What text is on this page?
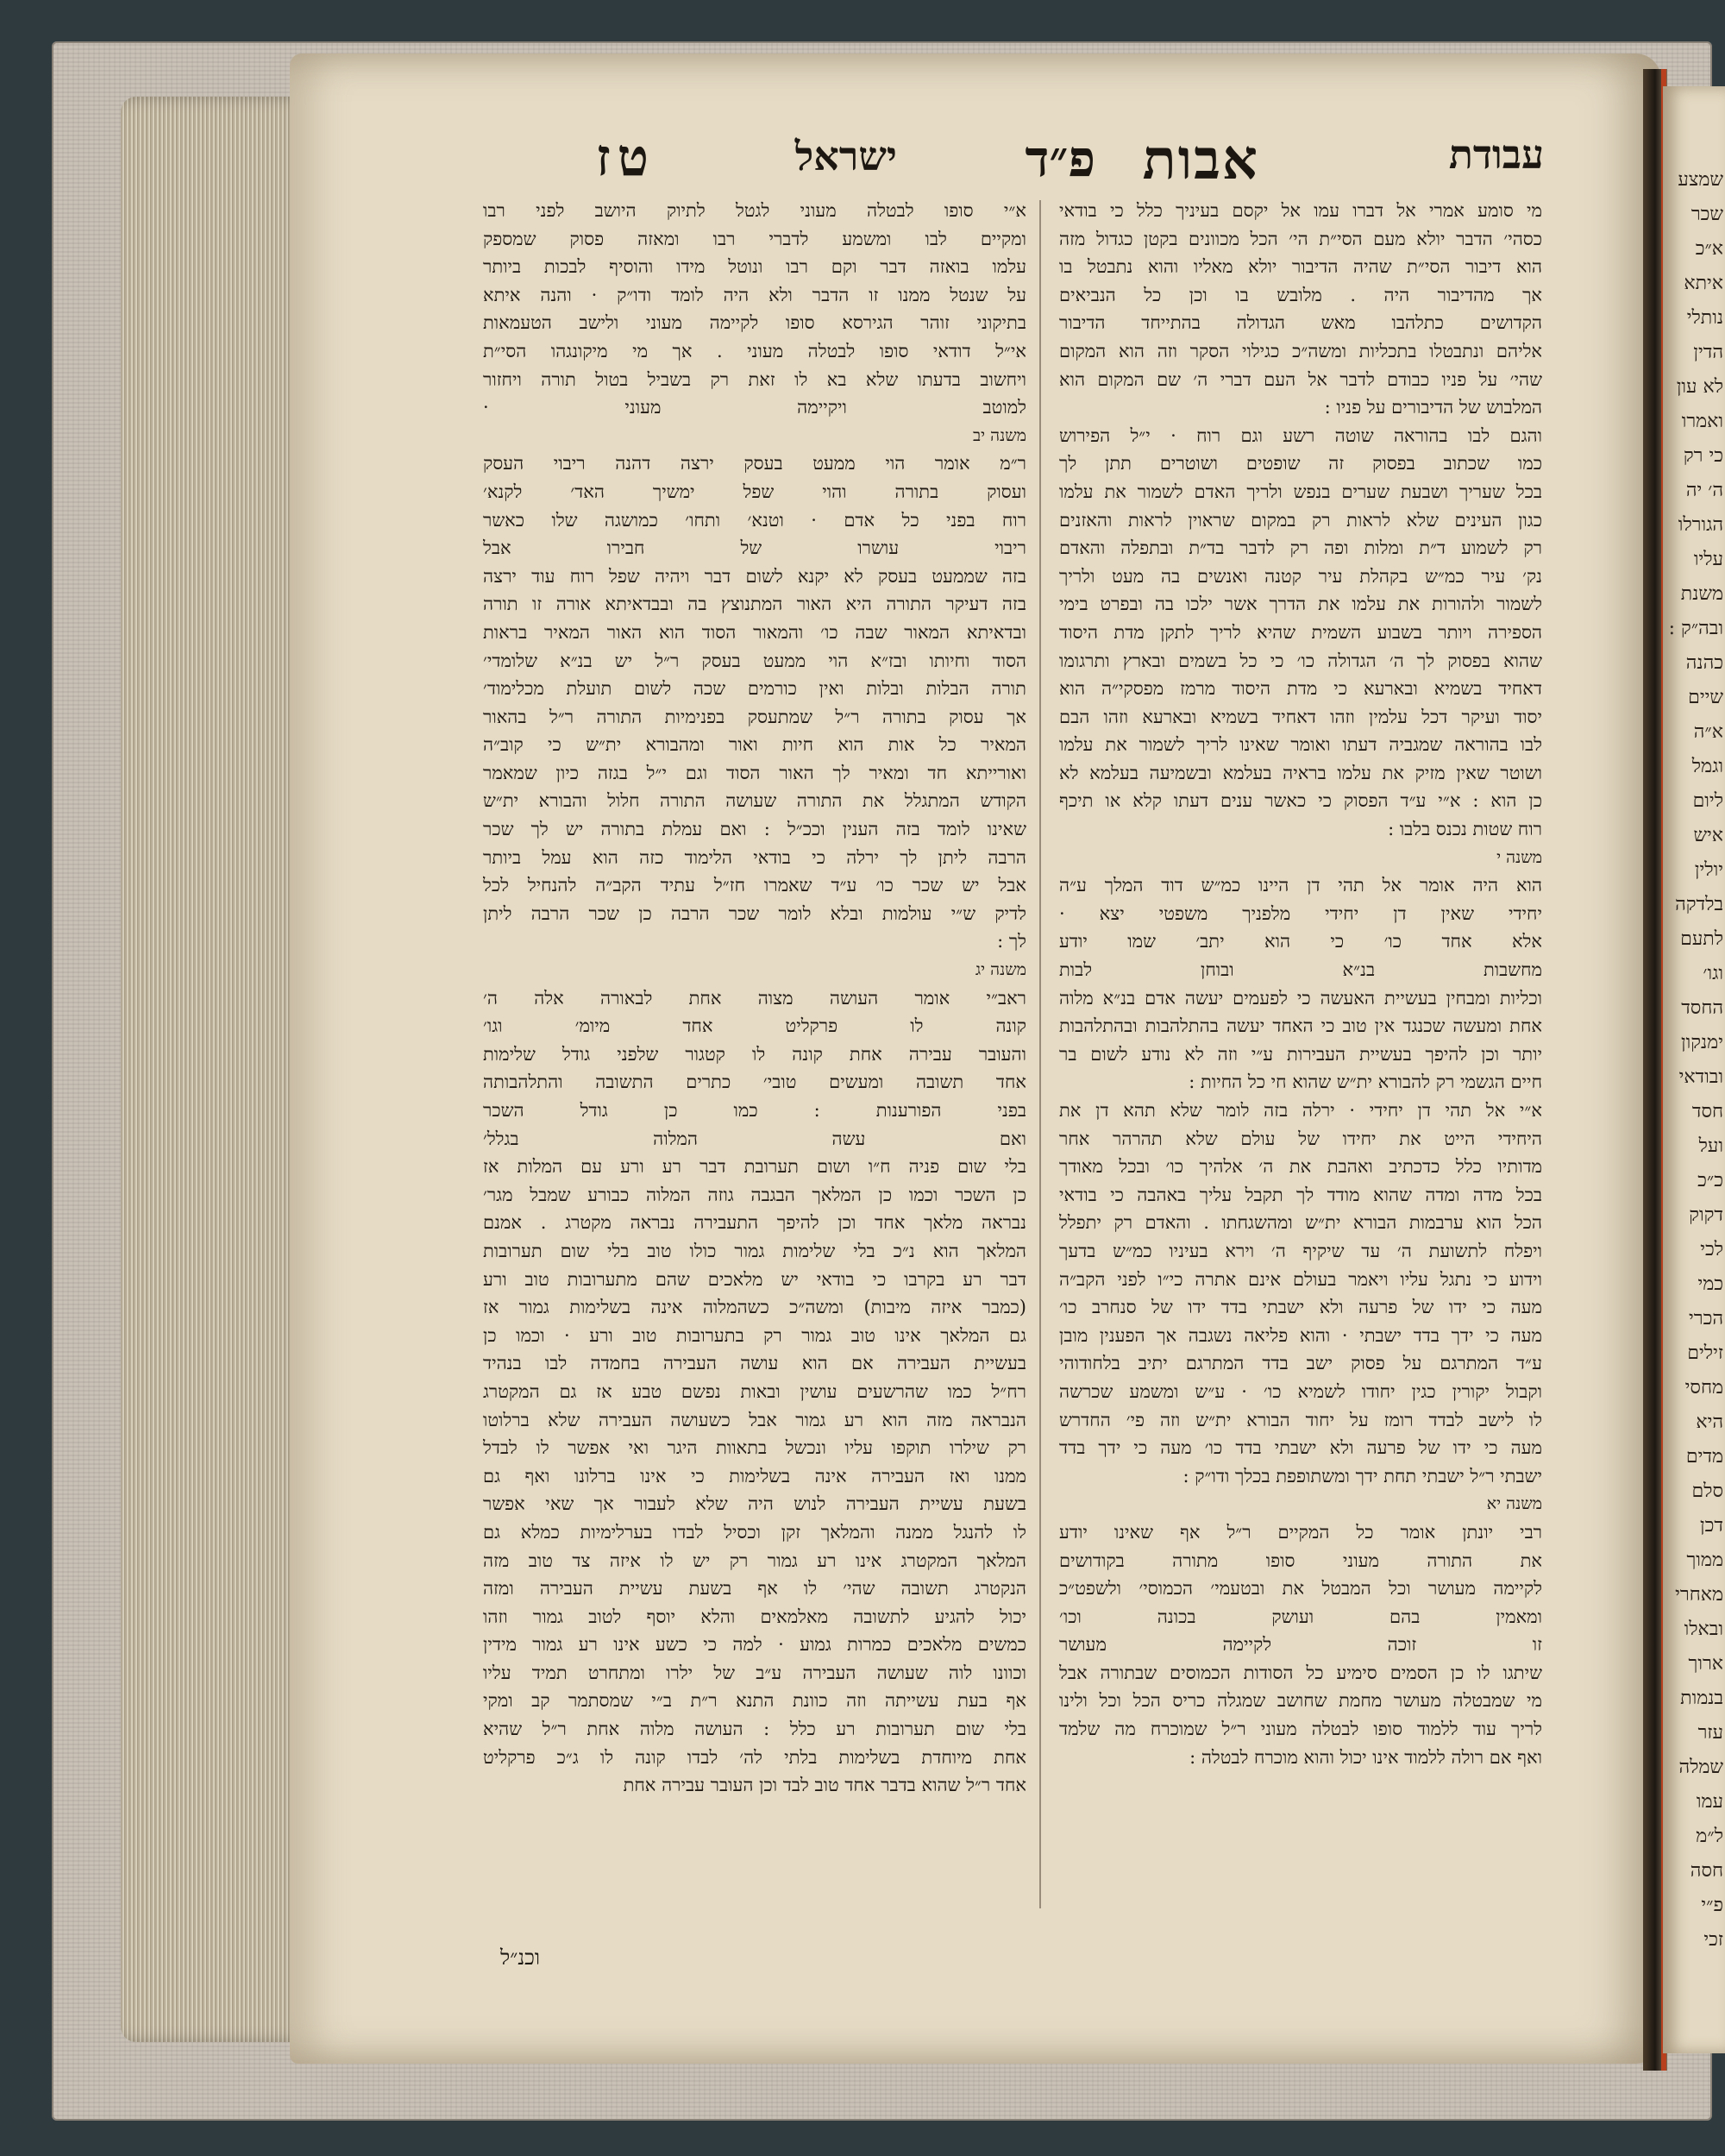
שמצע
שכר
א״כ
איתא
נותלי
הדין
לא עון
ואמרו
כי רק
ה׳ יה
הגורלו
עליו
משנת
ובה״ק :
כהנה
שיים
א״ה
וגמל
ליום
איש
יולין
בלדקה
לתעם
וגו׳
החסד
ימנקון
ובודאי
חסד
ועל
כ״כ
דקוק
לכי
כמי
הכרי
זילים
מחסי
היא
מדים
סלם
דכן
ממוך
מאחרי
ובאלו
ארוך
בנמות
עזר
שמלה
עמו
ל״מ
חסה
פ״י
זכי
עבודת
אבות
פ״ד
ישראל
טז
מי סומע אמרי אל דברו עמו אל יקסם בעיניך כלל כי בודאי
כסהי׳ הדבר יולא מעם הסי״ת הי׳ הכל מכוונים בקטן כגדול מזה
הוא דיבור הסי״ת שהיה הדיבור יולא מאליו והוא נתבטל בו
אך מהדיבור היה . מלובש בו וכן כל הנביאים
הקדושים כתלהבו מאש הגדולה בהתייחד הדיבור
אליהם ונתבטלו בתכליות ומשה״כ כגילוי הסקר וזה הוא המקום
שהי׳ על פניו כבודם לדבר אל העם דברי ה׳ שם המקום הוא
המלבוש של הדיבורים על פניו :
והגם לבו בהוראה שוטה רשע וגם רוח · י״ל הפירוש
כמו שכתוב בפסוק זה שופטים ושוטרים תתן לך
בכל שעריך ושבעת שערים בנפש ולריך האדם לשמור את עלמו
כגון העינים שלא לראות רק במקום שראוין לראות והאזנים
רק לשמוע ד״ת ומלות ופה רק לדבר בד״ת ובתפלה והאדם
נק׳ עיר כמ״ש בקהלת עיר קטנה ואנשים בה מעט ולריך
לשמור ולהורות את עלמו את הדרך אשר ילכו בה ובפרט בימי
הספירה ויותר בשבוע השמית שהיא לריך לתקן מדת היסוד
שהוא בפסוק לך ה׳ הגדולה כו׳ כי כל בשמים ובארץ ותרגומו
דאחיד בשמיא ובארעא כי מדת היסוד מרמז מפסקי״ה הוא
יסוד ועיקר דכל עלמין וזהו דאחיד בשמיא ובארעא וזהו הבם
לבו בהוראה שמגביה דעתו ואומר שאינו לריך לשמור את עלמו
ושוטר שאין מזיק את עלמו בראיה בעלמא ובשמיעה בעלמא לא
כן הוא : א״י ע״ד הפסוק כי כאשר ענים דעתו קלא או תיכף
רוח שטות נכנס בלבו :
משנה י
הוא היה אומר אל תהי דן היינו כמ״ש דוד המלך ע״ה
יחידי שאין דן יחידי מלפניך משפטי יצא ·
אלא אחד כו׳ כי הוא יתב׳ שמו יודע
מחשבות בנ״א ובוחן לבות
וכליות ומבחין בעשיית האעשה כי לפעמים יעשה אדם בנ״א מלוה
אחת ומעשה שכנגד אין טוב כי האחד יעשה בהתלהבות ובהתלהבות
יותר וכן להיפך בעשיית העבירות ע״י וזה לא נודע לשום בר
חיים הגשמי רק להבורא ית״ש שהוא חי כל החיות :
א״י אל תהי דן יחידי · ירלה בזה לומר שלא תהא דן את
היחידי הייט את יחידו של עולם שלא תהרהר אחר
מדותיו כלל כדכתיב ואהבת את ה׳ אלהיך כו׳ ובכל מאודך
בכל מדה ומדה שהוא מודד לך תקבל עליך באהבה כי בודאי
הכל הוא ערבמות הבורא ית״ש ומהשגחתו . והאדם רק יתפלל
ויפלח לתשועת ה׳ עד שיקיף ה׳ וירא בעיניו כמ״ש בדעך
וידוע כי נתגל עליו ויאמר בעולם אינם אתרה כי״ו לפני הקב״ה
מעה כי ידו של פרעה ולא ישבתי בדד ידו של סנחרב כו׳
מעה כי ידך בדד ישבתי · והוא פליאה נשגבה אך הפענין מובן
ע״ד המתרגם על פסוק ישב בדד המתרגם יתיב בלחודוהי
וקבול יקורין כגין יחודו לשמיא כו׳ · ע״ש ומשמע שכרשה
לו לישב לבדד רומז על יחוד הבורא ית״ש וזה פי׳ החדרש
מעה כי ידו של פרעה ולא ישבתי בדד כו׳ מעה כי ידך בדד
ישבתי ר״ל ישבתי תחת ידך ומשתופפת בכלך ודו״ק :
משנה יא
רבי יונתן אומר כל המקיים ר״ל אף שאינו יודע
את התורה מעוני סופו מתורה בקודושים
לקיימה מעושר וכל המבטל את ובטעמי׳ הכמוסי׳ ולשפט״כ
ומאמין בהם ועושק בכונה וכו׳
זו זוכה לקיימה מעושר
שיתגו לו כן הסמים סימיע כל הסודות הכמוסים שבתורה אבל
מי שמבטלה מעושר מחמת שחושב שמגלה כריס הכל וכל ולינו
לריך עוד ללמוד סופו לבטלה מעוני ר״ל שמוכרח מה שלמד
ואף אם רולה ללמוד אינו יכול והוא מוכרח לבטלה :
א״י סופו לבטלה מעוני לגטל לתיוק היושב לפני רבו
ומקיים לבו ומשמע לדברי רבו ומאזה פסוק שמספק
עלמו בואזה דבר וקם רבו ונוטל מידו והוסיף לבכות ביותר
על שנטל ממנו זו הדבר ולא היה לומד ודו״ק · והנה איתא
בתיקוני זוהר הגירסא סופו לקיימה מעוני ולישב הטעמאות
אי״ל דודאי סופו לבטלה מעוני . אך מי מיקונגהו הסי״ת
ויחשוב בדעתו שלא בא לו זאת רק בשביל בטול תורה ויחזור
למוטב ויקיימה מעוני ·
משנה יב
ר״מ אומר הוי ממעט בעסק ירצה דהנה ריבוי העסק
ועסוק בתורה והוי שפל ימשיך האד׳ לקנא׳
רוח בפני כל אדם · וטנא׳ ותחו׳ כמושגה שלו כאשר
ריבוי עושרו של חבירו אבל
בזה שממעט בעסק לא יקנא לשום דבר ויהיה שפל רוח עוד ירצה
בזה דעיקר התורה היא האור המתנוצץ בה ובבדאיתא אורה זו תורה
ובדאיתא המאור שבה כו׳ והמאור הסוד הוא האור המאיר בראות
הסוד וחיותו ובז״א הוי ממעט בעסק ר״ל יש בנ״א שלומדי׳
תורה הבלות ובלות ואין כורמים שכה לשום תועלת מכלימוד׳
אך עסוק בתורה ר״ל שמתעסק בפנימיות התורה ר״ל בהאור
המאיר כל אות הוא חיות ואור ומהבורא ית״ש כי קוב״ה
ואורייתא חד ומאיר לך האור הסוד וגם י״ל בגזה כיון שמאמר
הקודש המתגלל את התורה שעושה התורה חלול והבורא ית״ש
שאינו לומד בזה הענין וככ״ל : ואם עמלת בתורה יש לך שכר
הרבה ליתן לך ירלה כי בודאי הלימוד כזה הוא עמל ביותר
אבל יש שכר כו׳ ע״ד שאמרו חז״ל עתיד הקב״ה להנחיל לכל
לדיק ש״י עולמות ובלא לומר שכר הרבה כן שכר הרבה ליתן
לך :
משנה יג
ראב״י אומר העושה מצוה אחת לבאורה אלה ה׳
קונה לו פרקליט אחד מיומ׳ וגו׳
והעובר עבירה אחת קונה לו קטגור שלפני גודל שלימות
אחד תשובה ומעשים טובי׳ כתרים התשובה והתלהבותה
בפני הפורענות : כמו כן גודל השכר
ואם עשה המלוה בגלל׳
בלי שום פניה ח״ו ושום תערובת דבר רע ורע עם המלות אז
כן השכר וכמו כן המלאך הבגבה גוזה המלוה כבורע שמבל מגר׳
נבראה מלאך אחד וכן להיפך התעבירה נבראה מקטרג . אמנם
המלאך הוא נ״כ בלי שלימות גמור כולו טוב בלי שום תערובות
דבר רע בקרבו כי בודאי יש מלאכים שהם מתערובות טוב ורע
(כמבר איזה מיבות) ומשה״כ כשהמלוה אינה בשלימות גמור אז
גם המלאך אינו טוב גמור רק בתערובות טוב ורע · וכמו כן
בעשיית העבירה אם הוא עושה העבירה בחמדה לבו בנהיד
רח״ל כמו שהרשעים עושין ובאות נפשם טבע אז גם המקטרג
הנבראה מזה הוא רע גמור אבל כשעושה העבירה שלא ברלוטו
רק שילרו תוקפו עליו ונכשל בתאוות היגר ואי אפשר לו לבדל
ממנו ואז העבירה אינה בשלימות כי אינו ברלונו ואף גם
בשעת עשיית העבירה לנוש היה שלא לעבור אך שאי אפשר
לו להנגל ממנה והמלאך זקן וכסיל לבדו בערלימיות כמלא גם
המלאך המקטרג אינו רע גמור רק יש לו איזה צד טוב מזה
הנקטרג תשובה שהי׳ לו אף בשעת עשיית העבירה ומזה
יכול להגיע לתשובה מאלמאים והלא יוסף לטוב גמור וזהו
כמשים מלאכים כמרות גמוע · למה כי כשע אינו רע גמור מידין
וכוונו לוה שעושה העבירה ע״ב של ילרו ומתחרט תמיד עליו
אף בעת עשייתה וזה כוונת התנא ר״ת ב״י שמסתמר קב ומקי
בלי שום תערובות רע כלל : העושה מלוה אחת ר״ל שהיא
אחת מיוחדת בשלימות בלתי לה׳ לבדו קונה לו ג״כ פרקליט
אחד ר״ל שהוא בדבר אחד טוב לבד וכן העובר עבירה אחת
וכנ״ל
